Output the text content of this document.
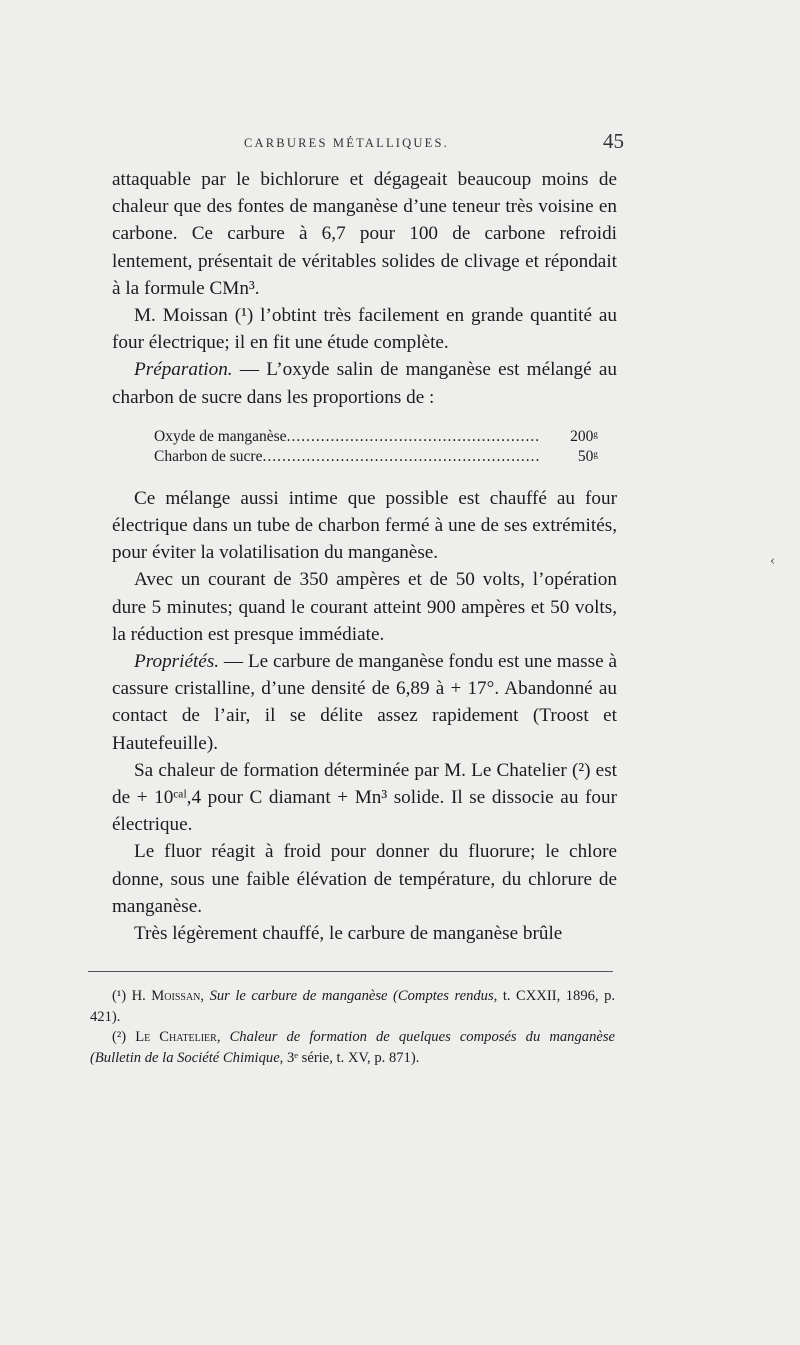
CARBURES MÉTALLIQUES.	45

attaquable par le bichlorure et dégageait beaucoup moins de chaleur que des fontes de manganèse d’une teneur très voisine en carbone. Ce carbure à 6,7 pour 100 de carbone refroidi lentement, présentait de véritables solides de clivage et répondait à la formule CMn³.

M. Moissan (¹) l’obtint très facilement en grande quantité au four électrique; il en fit une étude complète.

Préparation. — L’oxyde salin de manganèse est mélangé au charbon de sucre dans les proportions de :

Oxyde de manganèse .....	200ᵍ
Charbon de sucre .....	50ᵍ

Ce mélange aussi intime que possible est chauffé au four électrique dans un tube de charbon fermé à une de ses extrémités, pour éviter la volatilisation du manganèse.

Avec un courant de 350 ampères et de 50 volts, l’opération dure 5 minutes; quand le courant atteint 900 ampères et 50 volts, la réduction est presque immédiate.

Propriétés. — Le carbure de manganèse fondu est une masse à cassure cristalline, d’une densité de 6,89 à + 17°. Abandonné au contact de l’air, il se délite assez rapidement (Troost et Hautefeuille).

Sa chaleur de formation déterminée par M. Le Chatelier (²) est de + 10ᶜᵃˡ,4 pour C diamant + Mn³ solide. Il se dissocie au four électrique.

Le fluor réagit à froid pour donner du fluorure; le chlore donne, sous une faible élévation de température, du chlorure de manganèse.

Très légèrement chauffé, le carbure de manganèse brûle

(¹) H. Moissan, Sur le carbure de manganèse (Comptes rendus, t. CXXII, 1896, p. 421).

(²) Le Chatelier, Chaleur de formation de quelques composés du manganèse (Bulletin de la Société Chimique, 3ᵉ série, t. XV, p. 871).

‹
